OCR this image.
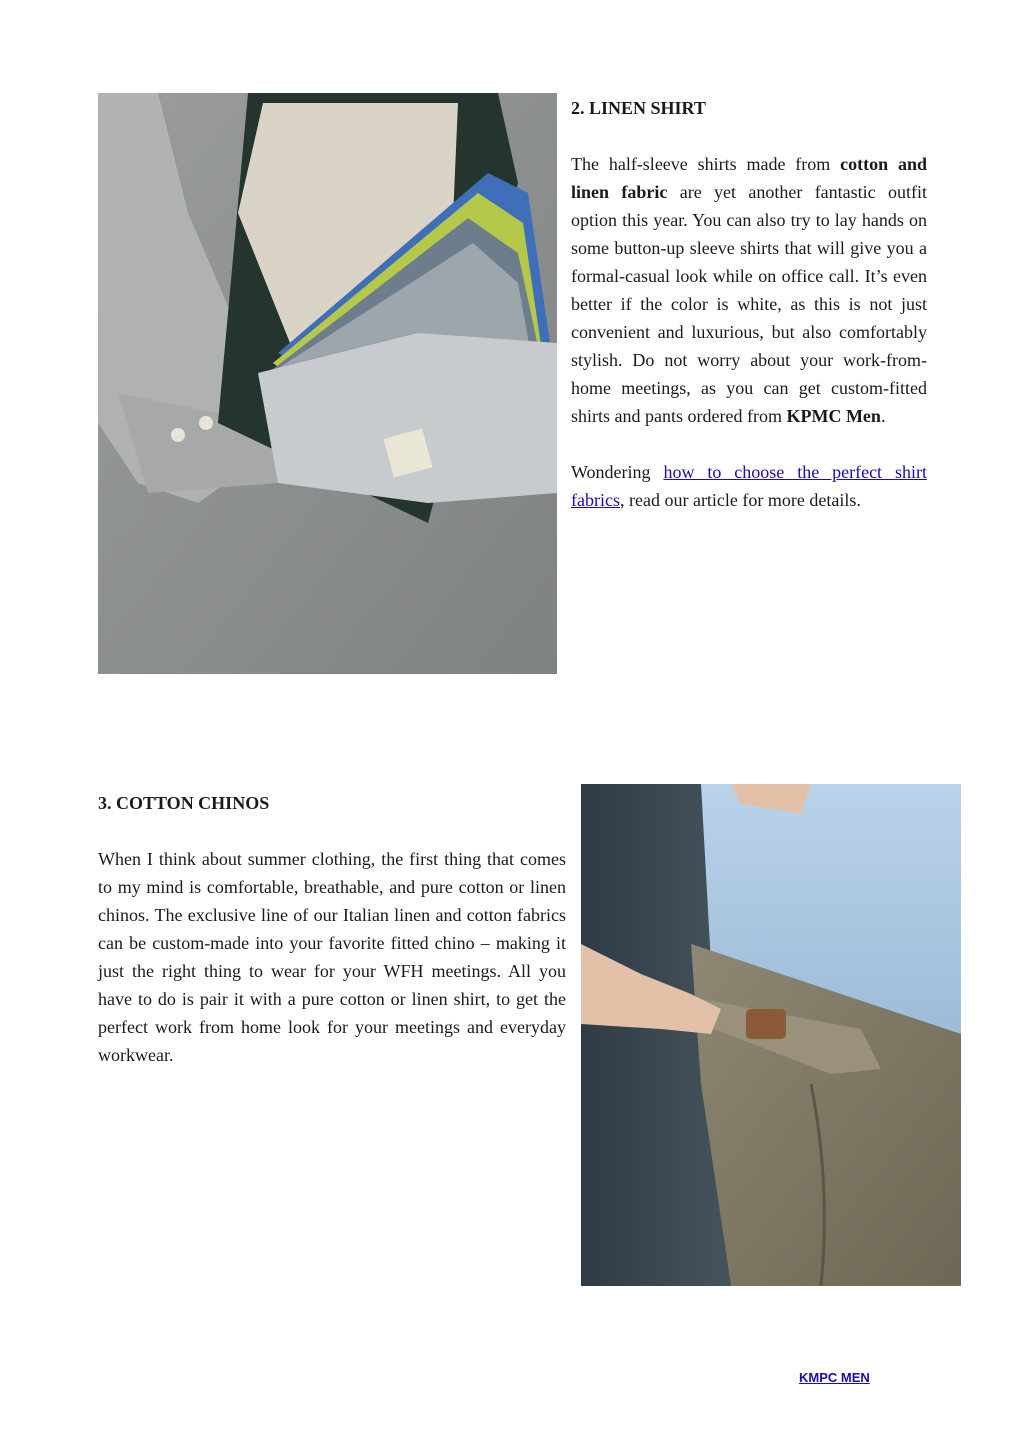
2. LINEN SHIRT

The half-sleeve shirts made from cotton and linen fabric are yet another fantastic outfit option this year. You can also try to lay hands on some button-up sleeve shirts that will give you a formal-casual look while on office call. It’s even better if the color is white, as this is not just convenient and luxurious, but also comfortably stylish. Do not worry about your work-from-home meetings, as you can get custom-fitted shirts and pants ordered from KPMC Men.

Wondering how to choose the perfect shirt fabrics, read our article for more details.

3. COTTON CHINOS

When I think about summer clothing, the first thing that comes to my mind is comfortable, breathable, and pure cotton or linen chinos. The exclusive line of our Italian linen and cotton fabrics can be custom-made into your favorite fitted chino – making it just the right thing to wear for your WFH meetings. All you have to do is pair it with a pure cotton or linen shirt, to get the perfect work from home look for your meetings and everyday workwear.

KMPC MEN
